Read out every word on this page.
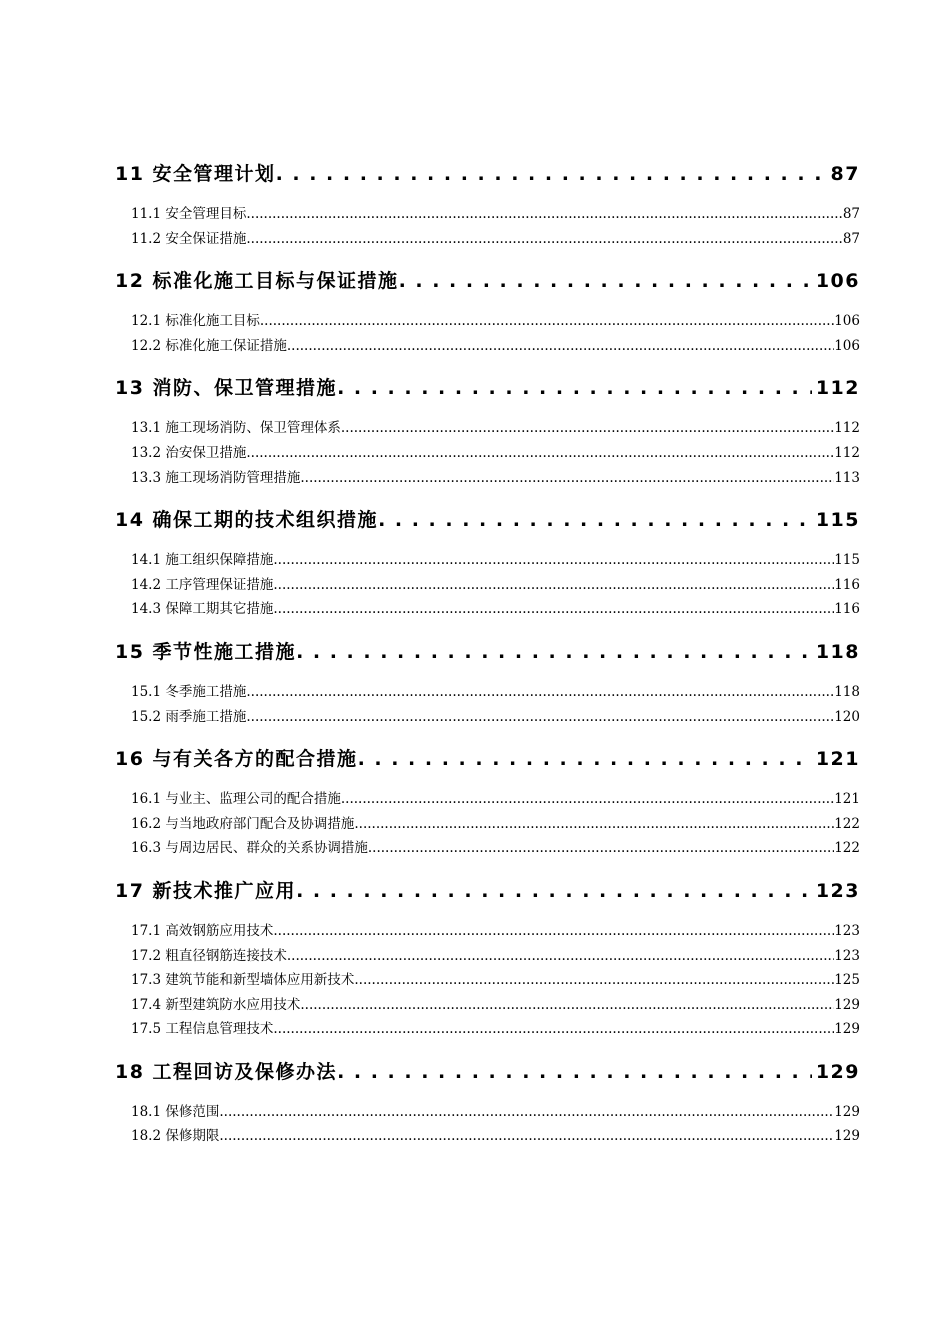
11 安全管理计划 . . .	87
11.1 安全管理目标 .....	87
11.2 安全保证措施 .....	87
12 标准化施工目标与保证措施 . . .	106
12.1 标准化施工目标 .....	106
12.2 标准化施工保证措施 .....	106
13 消防、保卫管理措施 . . .	112
13.1 施工现场消防、保卫管理体系 .....	112
13.2 治安保卫措施 .....	112
13.3 施工现场消防管理措施 .....	113
14 确保工期的技术组织措施 . . .	115
14.1 施工组织保障措施 .....	115
14.2 工序管理保证措施 .....	116
14.3 保障工期其它措施 .....	116
15 季节性施工措施 . . .	118
15.1 冬季施工措施 .....	118
15.2 雨季施工措施 .....	120
16 与有关各方的配合措施 . . .	121
16.1 与业主、监理公司的配合措施 .....	121
16.2 与当地政府部门配合及协调措施 .....	122
16.3 与周边居民、群众的关系协调措施 .....	122
17 新技术推广应用 . . .	123
17.1 高效钢筋应用技术 .....	123
17.2 粗直径钢筋连接技术 .....	123
17.3 建筑节能和新型墙体应用新技术 .....	125
17.4 新型建筑防水应用技术 .....	129
17.5 工程信息管理技术 .....	129
18 工程回访及保修办法 . . .	129
18.1 保修范围 .....	129
18.2 保修期限 .....	129
